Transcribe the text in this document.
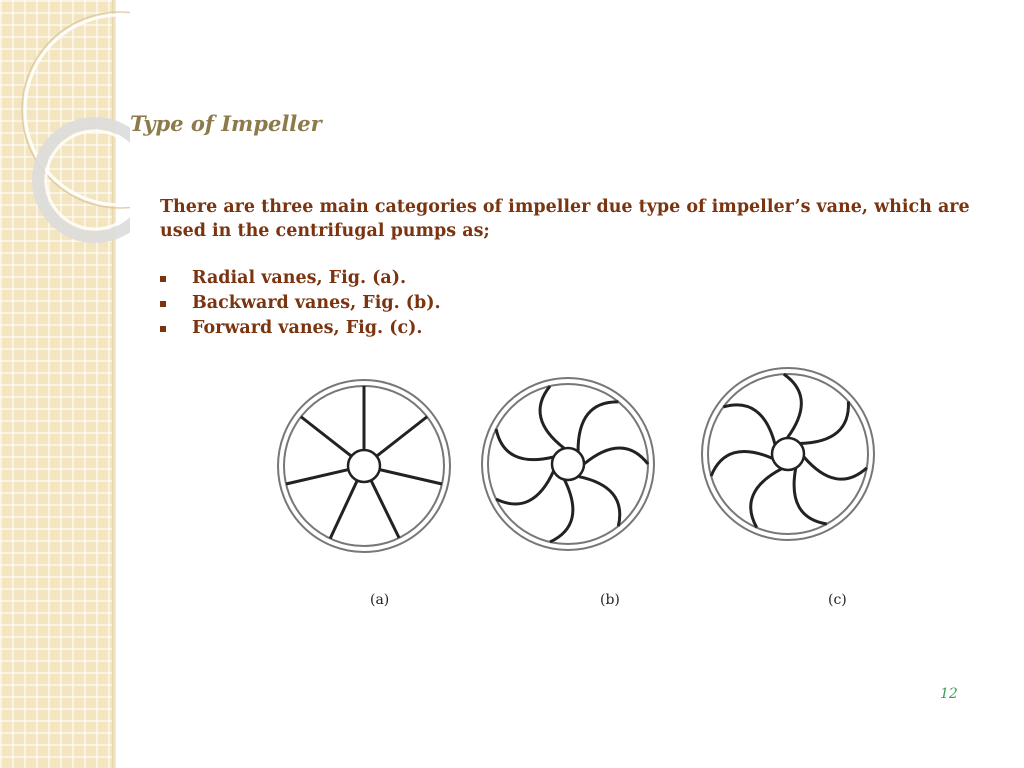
Type of Impeller

There are three main categories of impeller due type of impeller’s vane, which are used in the centrifugal pumps as;

Radial vanes, Fig. (a).
Backward vanes, Fig. (b).
Forward vanes, Fig. (c).
(a)	(b)	(c)
12
